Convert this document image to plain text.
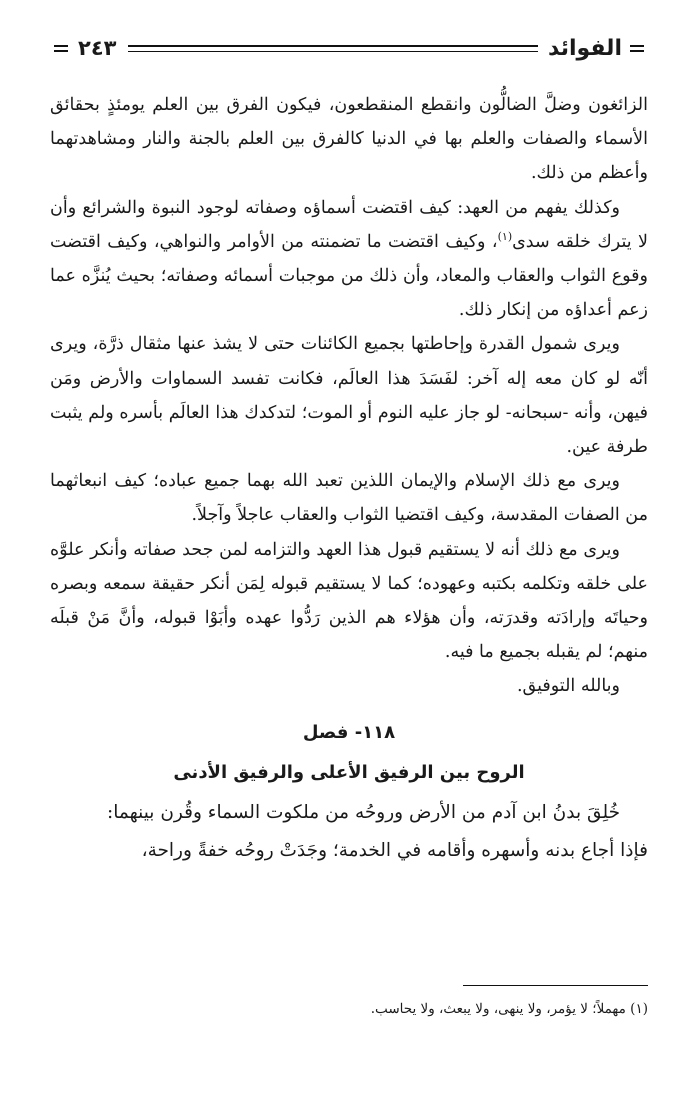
الفوائد
٢٤٣

الزائغون وضلَّ الضالُّون وانقطع المنقطعون، فيكون الفرق بين العلم يومئذٍ بحقائق الأسماء والصفات والعلم بها في الدنيا كالفرق بين العلم بالجنة والنار ومشاهدتهما وأعظم من ذلك.

وكذلك يفهم من العهد: كيف اقتضت أسماؤه وصفاته لوجود النبوة والشرائع وأن لا يترك خلقه سدى$^{(١)}$، وكيف اقتضت ما تضمنته من الأوامر والنواهي، وكيف اقتضت وقوع الثواب والعقاب والمعاد، وأن ذلك من موجبات أسمائه وصفاته؛ بحيث يُنزَّه عما زعم أعداؤه من إنكار ذلك.

ويرى شمول القدرة وإحاطتها بجميع الكائنات حتى لا يشذ عنها مثقال ذرَّة، ويرى أنّه لو كان معه إله آخر: لفَسَدَ هذا العالَم، فكانت تفسد السماوات والأرض ومَن فيهن، وأنه -سبحانه- لو جاز عليه النوم أو الموت؛ لتدكدك هذا العالَم بأسره ولم يثبت طرفة عين.

ويرى مع ذلك الإسلام والإيمان اللذين تعبد الله بهما جميع عباده؛ كيف انبعاثهما من الصفات المقدسة، وكيف اقتضيا الثواب والعقاب عاجلاً وآجلاً.

ويرى مع ذلك أنه لا يستقيم قبول هذا العهد والتزامه لمن جحد صفاته وأنكر علوَّه على خلقه وتكلمه بكتبه وعهوده؛ كما لا يستقيم قبوله لِمَن أنكر حقيقة سمعه وبصره وحياتَه وإرادَته وقدرَته، وأن هؤلاء هم الذين رَدُّوا عهده وأبَوْا قبوله، وأنَّ مَنْ قبلَه منهم؛ لم يقبله بجميع ما فيه.

وبالله التوفيق.

١١٨- فصل
الروح بين الرفيق الأعلى والرفيق الأدنى

خُلِقَ بدنُ ابن آدم من الأرض وروحُه من ملكوت السماء وقُرن بينهما:

فإذا أجاع بدنه وأسهره وأقامه في الخدمة؛ وجَدَتْ روحُه خفةً وراحة،

(١) مهملاً؛ لا يؤمر، ولا ينهى، ولا يبعث، ولا يحاسب.
